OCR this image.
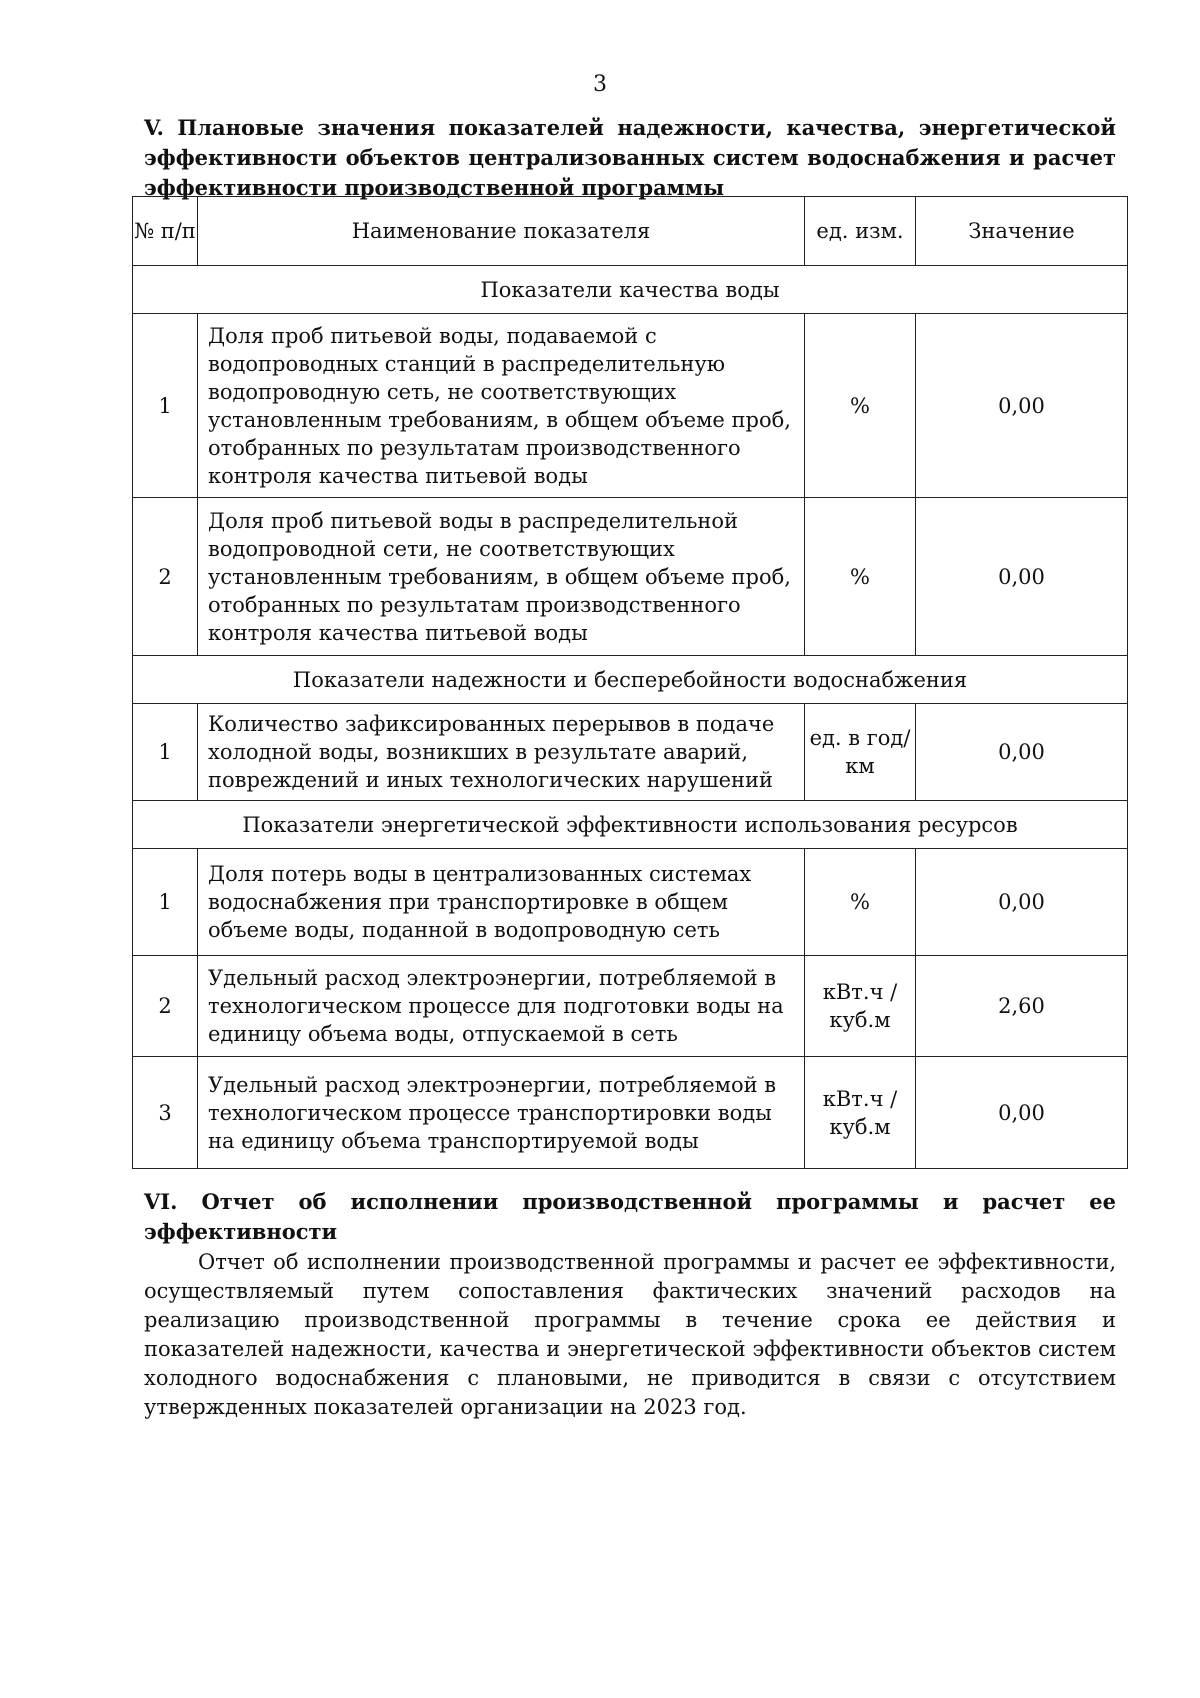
3
V. Плановые значения показателей надежности, качества, энергетической эффективности объектов централизованных систем водоснабжения и расчет эффективности производственной программы
№ п/п	Наименование показателя	ед. изм.	Значение
Показатели качества воды			
1	Доля проб питьевой воды, подаваемой с водопроводных станций в распределительную водопроводную сеть, не соответствующих установленным требованиям, в общем объеме проб, отобранных по результатам производственного контроля качества питьевой воды	%	0,00
2	Доля проб питьевой воды в распределительной водопроводной сети, не соответствующих установленным требованиям, в общем объеме проб, отобранных по результатам производственного контроля качества питьевой воды	%	0,00
Показатели надежности и бесперебойности водоснабжения			
1	Количество зафиксированных перерывов в подаче холодной воды, возникших в результате аварий, повреждений и иных технологических нарушений	ед. в год/ км	0,00
Показатели энергетической эффективности использования ресурсов			
1	Доля потерь воды в централизованных системах водоснабжения при транспортировке в общем объеме воды, поданной в водопроводную сеть	%	0,00
2	Удельный расход электроэнергии, потребляемой в технологическом процессе для подготовки воды на единицу объема воды, отпускаемой в сеть	кВт.ч / куб.м	2,60
3	Удельный расход электроэнергии, потребляемой в технологическом процессе транспортировки воды на единицу объема транспортируемой воды	кВт.ч / куб.м	0,00
VI. Отчет об исполнении производственной программы и расчет ее эффективности
Отчет об исполнении производственной программы и расчет ее эффективности, осуществляемый путем сопоставления фактических значений расходов на реализацию производственной программы в течение срока ее действия и показателей надежности, качества и энергетической эффективности объектов систем холодного водоснабжения с плановыми, не приводится в связи с отсутствием утвержденных показателей организации на 2023 год.
